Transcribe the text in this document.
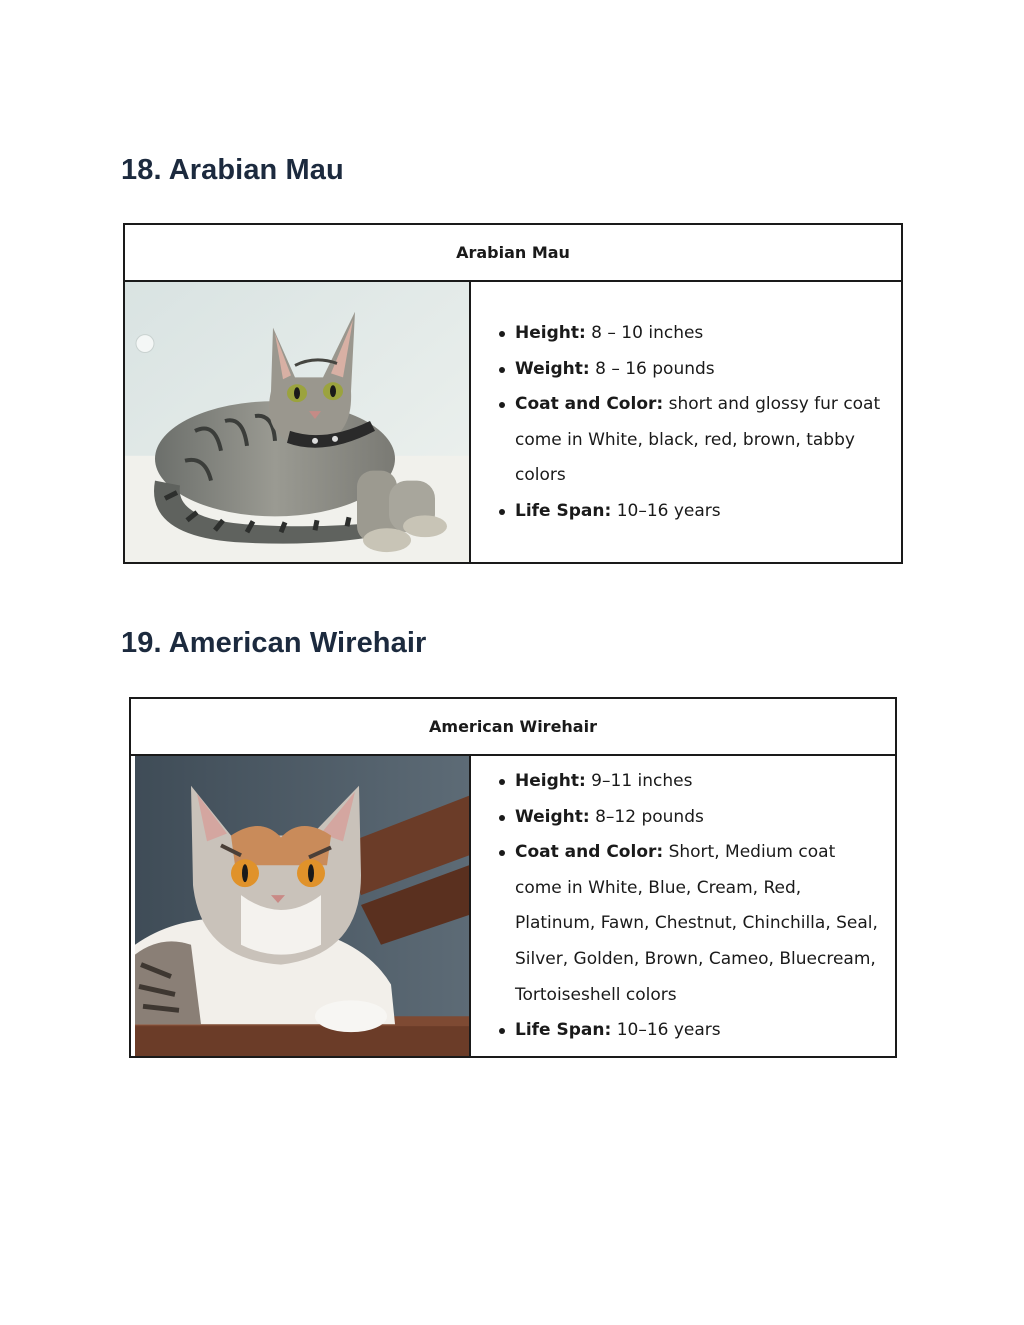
18. Arabian Mau
Arabian Mau
Height: 8 – 10 inches
Weight: 8 – 16 pounds
Coat and Color: short and glossy fur coat come in White, black, red, brown, tabby colors
Life Span: 10–16 years
19. American Wirehair
American Wirehair
Height: 9–11 inches
Weight: 8–12 pounds
Coat and Color: Short, Medium coat come in White, Blue, Cream, Red, Platinum, Fawn, Chestnut, Chinchilla, Seal, Silver, Golden, Brown, Cameo, Bluecream, Tortoiseshell colors
Life Span: 10–16 years
